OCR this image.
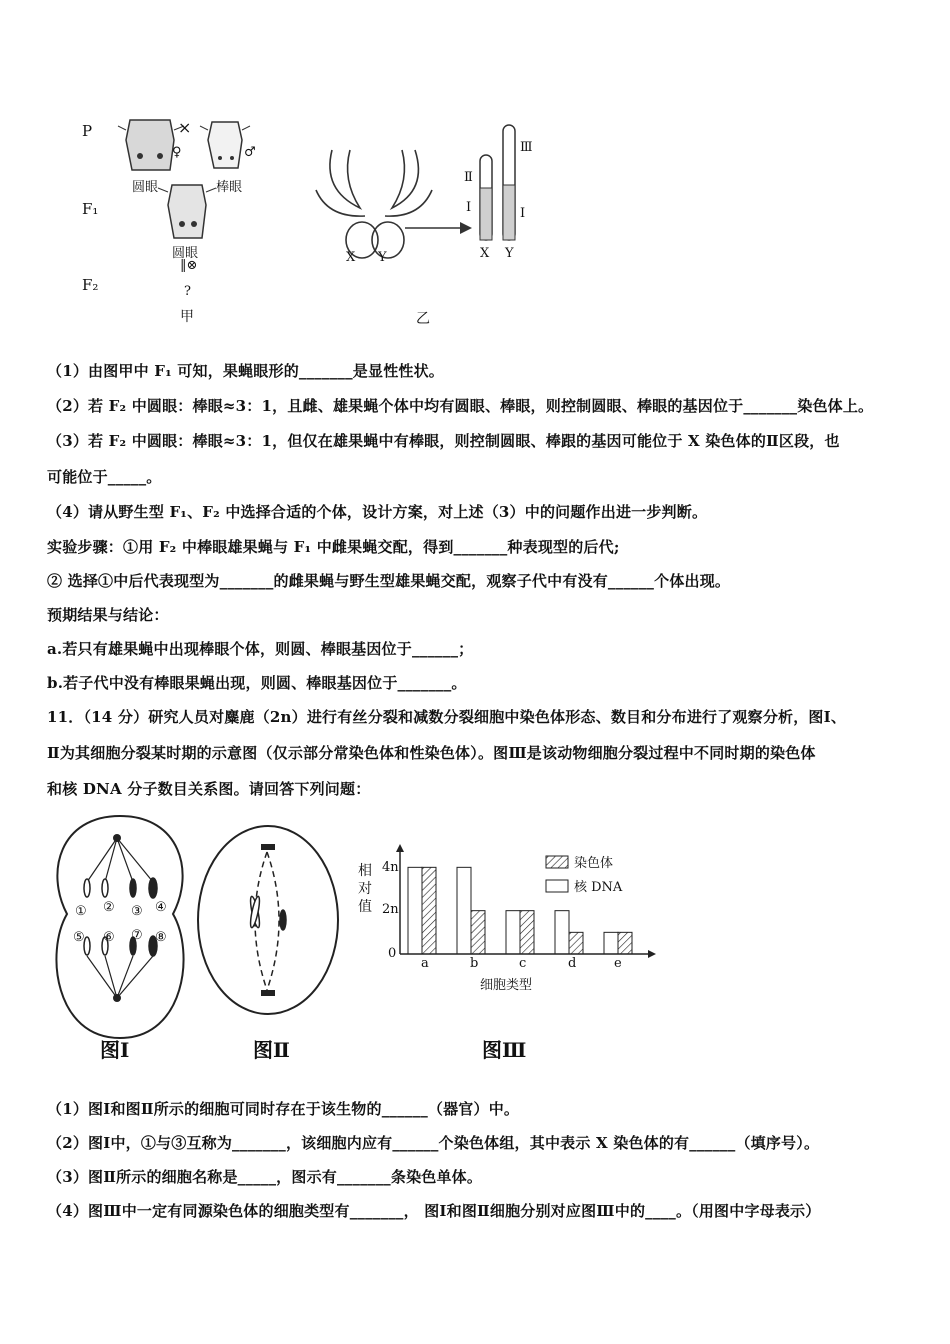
P
F₁
F₂
×
♀	♂
圆眼	棒眼
圆眼
‖⊗
?
甲	乙
X Y
Ⅱ
Ⅰ
Ⅲ
Ⅰ
X Y
（1）由图甲中 F₁ 可知，果蝇眼形的_______是显性性状。
（2）若 F₂ 中圆眼：棒眼≈3：1，且雌、雄果蝇个体中均有圆眼、棒眼，则控制圆眼、棒眼的基因位于_______染色体上。
（3）若 F₂ 中圆眼：棒眼≈3：1，但仅在雄果蝇中有棒眼，则控制圆眼、棒跟的基因可能位于 X 染色体的Ⅱ区段，也
可能位于_____。
（4）请从野生型 F₁、F₂ 中选择合适的个体，设计方案，对上述（3）中的问题作出进一步判断。
实验步骤：①用 F₂ 中棒眼雄果蝇与 F₁ 中雌果蝇交配，得到_______种表现型的后代;
② 选择①中后代表现型为_______的雌果蝇与野生型雄果蝇交配，观察子代中有没有______个体出现。
预期结果与结论：
a.若只有雄果蝇中出现棒眼个体，则圆、棒眼基因位于______；
b.若子代中没有棒眼果蝇出现，则圆、棒眼基因位于_______。
11．（14 分）研究人员对麋鹿（2n）进行有丝分裂和减数分裂细胞中染色体形态、数目和分布进行了观察分析，图Ⅰ、
Ⅱ为其细胞分裂某时期的示意图（仅示部分常染色体和性染色体）。图Ⅲ是该动物细胞分裂过程中不同时期的染色体
和核 DNA 分子数目关系图。请回答下列问题：
① ② ③ ④
⑤ ⑥ ⑦ ⑧
图Ⅰ	图Ⅱ
相对值
4n
2n
0
染色体
核 DNA
a	b	c	d	e
细胞类型
图Ⅲ
（1）图Ⅰ和图Ⅱ所示的细胞可同时存在于该生物的______（器官）中。
（2）图Ⅰ中，①与③互称为_______，该细胞内应有______个染色体组，其中表示 X 染色体的有______（填序号）。
（3）图Ⅱ所示的细胞名称是_____，图示有_______条染色单体。
（4）图Ⅲ中一定有同源染色体的细胞类型有_______， 图Ⅰ和图Ⅱ细胞分别对应图Ⅲ中的____。（用图中字母表示）
